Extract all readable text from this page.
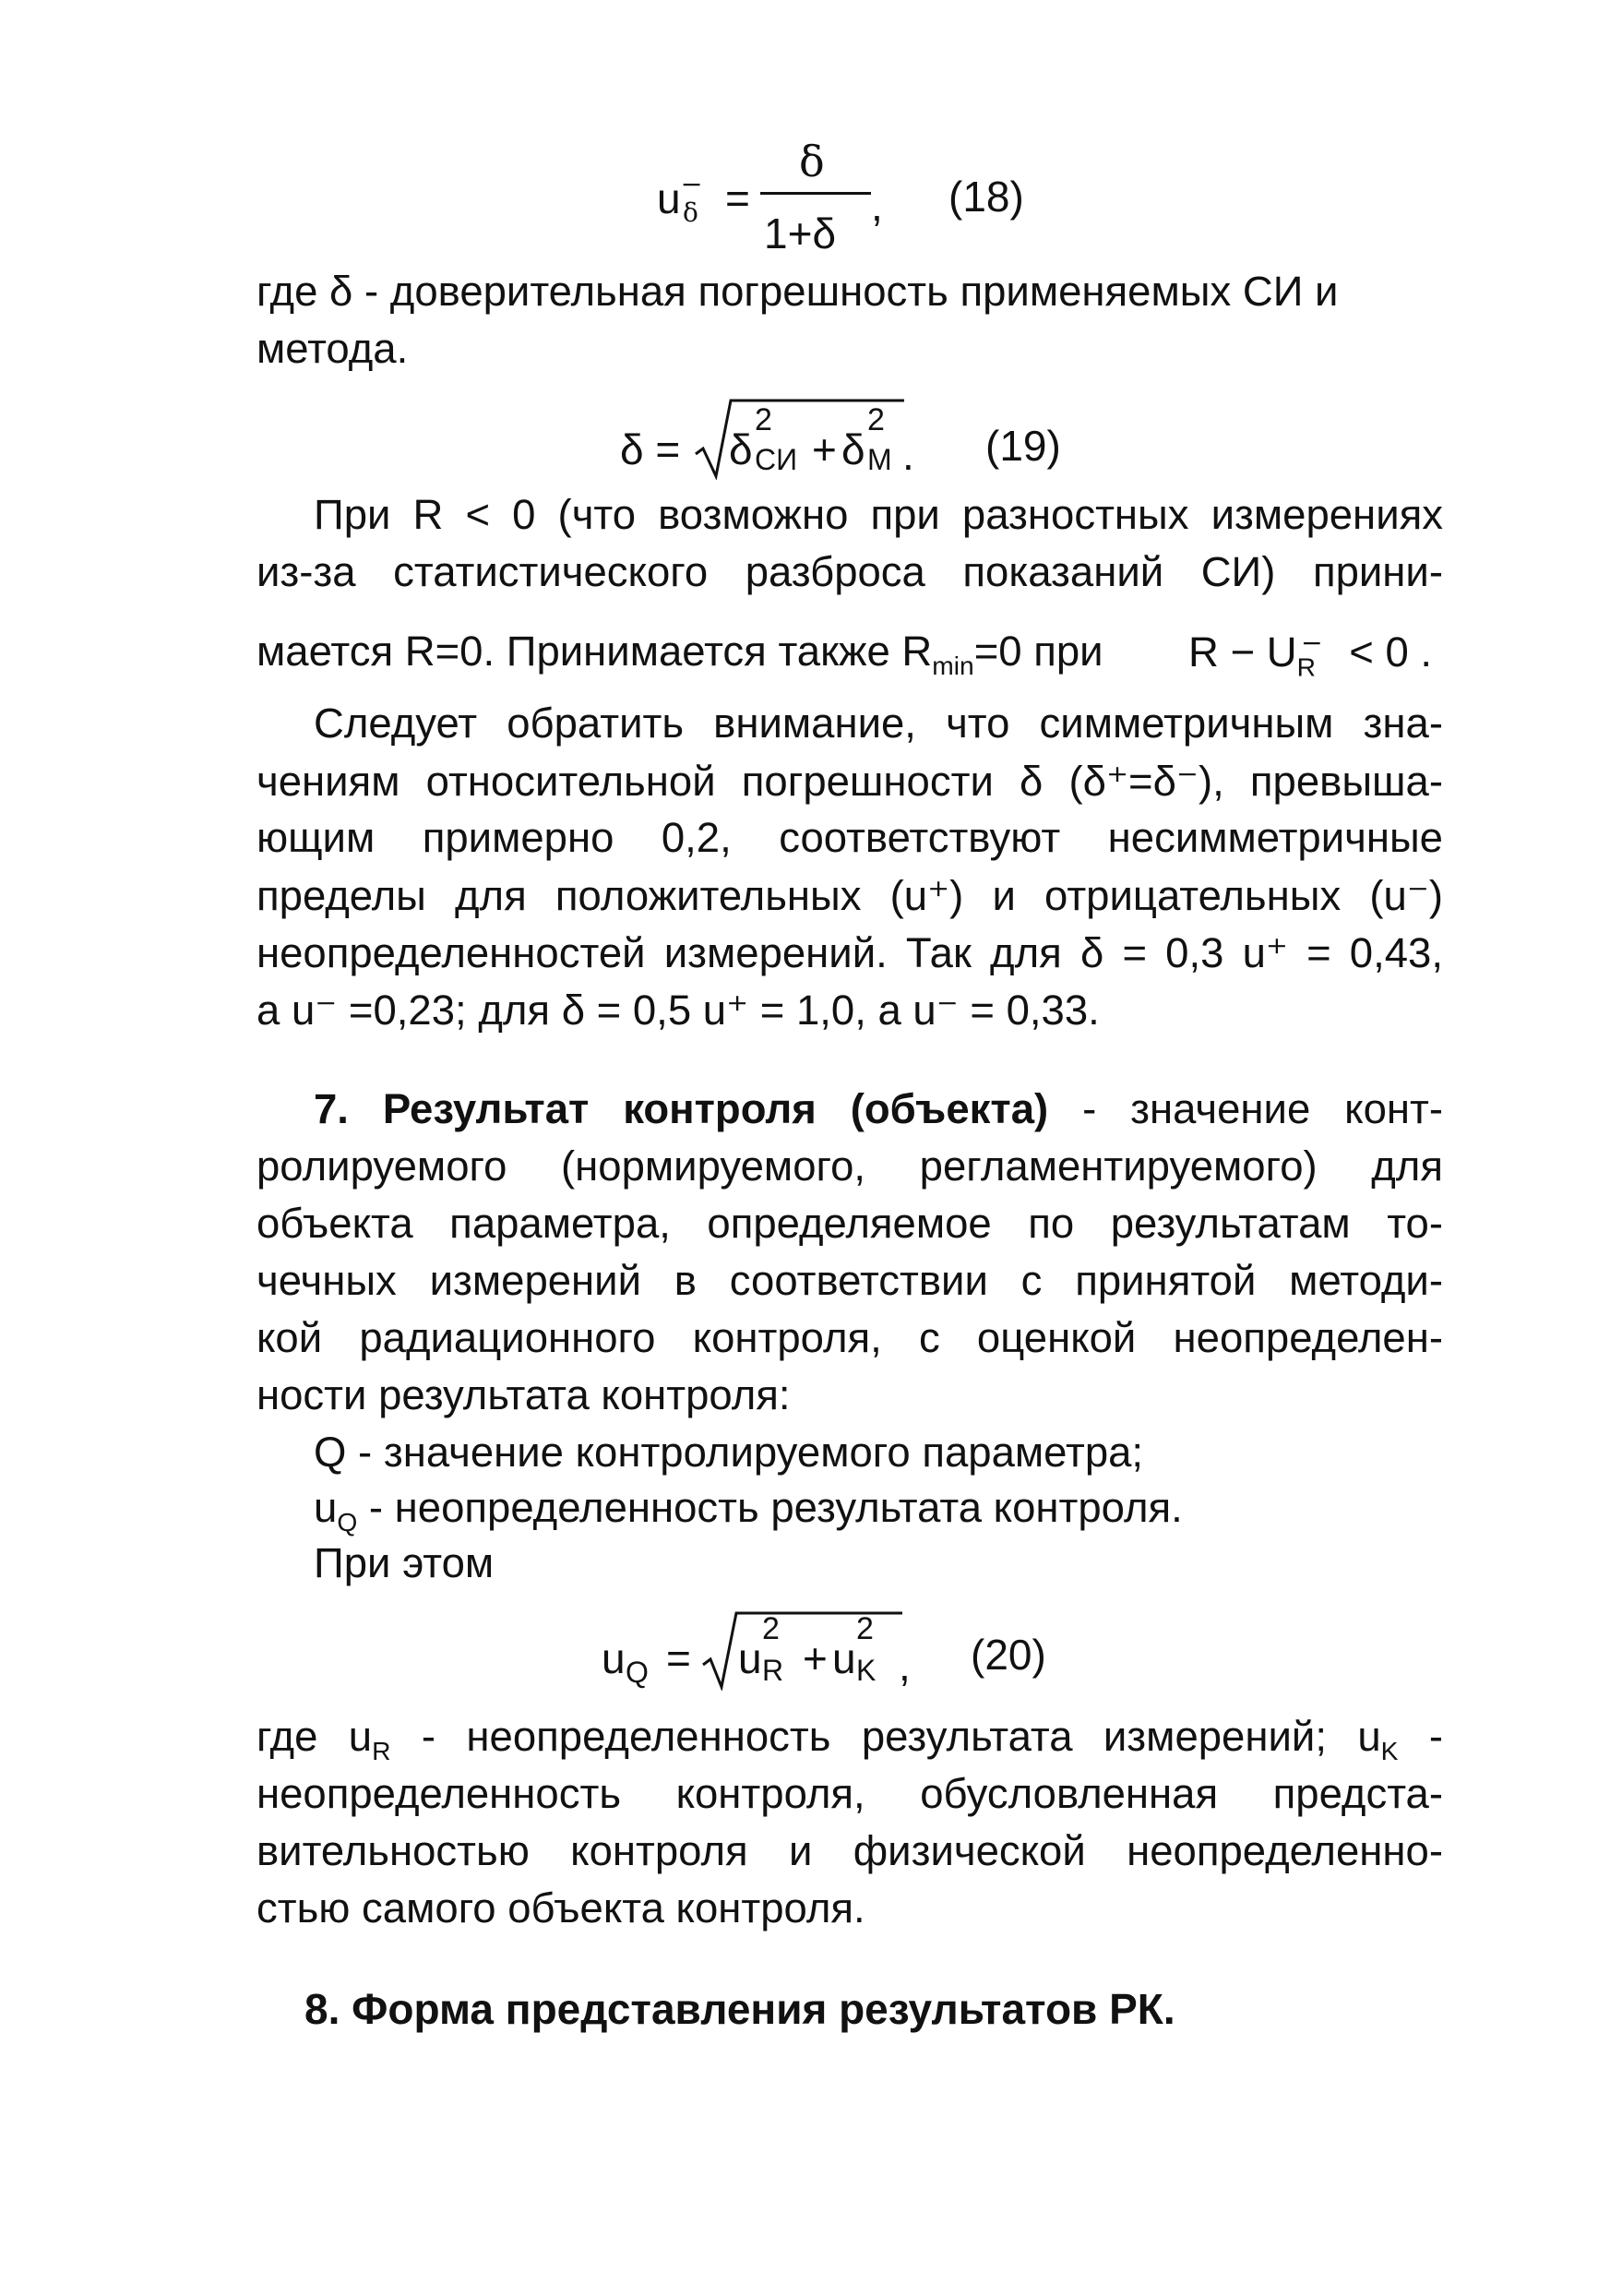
u−
δ =
δ
1+δ
, (18)
где δ - доверительная погрешность применяемых СИ и
метода.
δ = δ
2
СИ + δ
2
М . (19)
При R < 0 (что возможно при разностных измерениях
из-за статистического разброса показаний СИ) прини-
мается R=0. Принимается также $R_{min}=0$ при $R - U_R^- < 0$ .
Следует обратить внимание, что симметричным зна-
чениям относительной погрешности δ (δ⁺=δ⁻), превыша-
ющим примерно 0,2, соответствуют несимметричные
пределы для положительных (u⁺) и отрицательных (u⁻)
неопределенностей измерений. Так для δ = 0,3 u⁺ = 0,43,
а u⁻ =0,23; для δ = 0,5 u⁺ = 1,0, а u⁻ = 0,33.
7. Результат контроля (объекта) - значение конт-
ролируемого (нормируемого, регламентируемого) для
объекта параметра, определяемое по результатам то-
чечных измерений в соответствии с принятой методи-
кой радиационного контроля, с оценкой неопределен-
ности результата контроля:
Q - значение контролируемого параметра;
$u_Q$ - неопределенность результата контроля.
При этом
u Q = u
2
R + u
2
K , (20)
где $u_R$ - неопределенность результата измерений; $u_K$ -
неопределенность контроля, обусловленная предста-
вительностью контроля и физической неопределенно-
стью самого объекта контроля.
8. Форма представления результатов РК.
